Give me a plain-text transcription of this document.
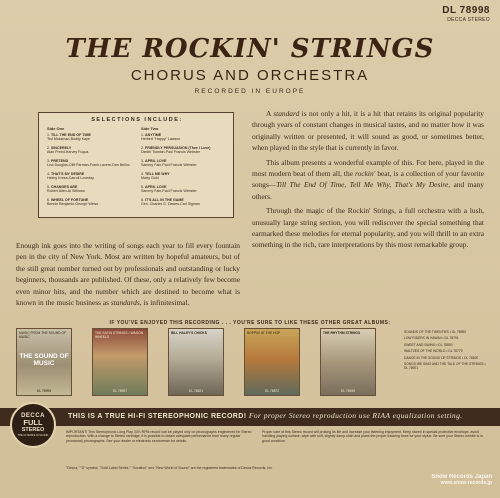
DL 78998
DECCA STEREO
THE ROCKIN' STRINGS
CHORUS AND ORCHESTRA
RECORDED IN EUROPE
SELECTIONS INCLUDE:
Side One	Side Two
1. TILL THE END OF TIME
Ted Mossman-Buddy Kaye
2. SINCERELY
Alan Freed-Harvey Fuqua
3. PRETEND
Lew Douglas-Cliff Parman-Frank Lavere-Dan Belloc
4. THAT'S MY DESIRE
Helmy Kresa-Carroll Loveday
5. CHANGES ARE
Robert Allen-Al Stillman
6. WHEEL OF FORTUNE
Bennie Benjamin-George Weiss
1. ANYTIME
Herbert "Happy" Lawson
2. FRIENDLY PERSUASION (Thee I Love)
Dimitri Tiomkin-Paul Francis Webster
3. APRIL LOVE
Sammy Fain-Paul Francis Webster
4. TELL ME WHY
Marty Gold
5. APRIL LOVE
Sammy Fain-Paul Francis Webster
6. IT'S ALL IN THE GAME
Gen. Charles G. Dawes-Carl Sigman

A standard is not only a hit, it is a hit that retains its original popularity through years of constant changes in musical tastes, and no matter how it was originally written or presented, it will sound as good, or sometimes better, when played in the style that is currently in favor.

This album presents a wonderful example of this. For here, played in the most modern beat of them all, the rockin' beat, is a collection of your favorite songs—Till The End Of Time, Tell Me Why, That's My Desire, and many others.

Through the magic of the Rockin' Strings, a full orchestra with a lush, unusually large string section, you will rediscover the special something that earmarked these melodies for eternal popularity, and you will thrill to an extra something in the rich, rare interpretations by this most remarkable group.

Enough ink goes into the writing of songs each year to fill every fountain pen in the city of New York. Most are written by hopeful amateurs, but of the still great number turned out by professionals and outstanding or lucky beginners, thousands are published. Of these, only a relatively few become even minor hits, and the number which are destined to become what is known in the music business as standards, is infinitesimal.

IF YOU'VE ENJOYED THIS RECORDING . . . YOU'RE SURE TO LIKE THESE OTHER GREAT ALBUMS:
MUSIC FROM THE SOUND OF MUSIC
THE SOUND OF MUSIC
DL 78995
THE SATIN STRINGS • WAGON WHEELS
DL 78907
BILL HALEY'S CHICKS
DL 78821
BOPPIN' AT THE HOP
DL 78872
THE RHYTHM STRINGS
DL 78945
SOUNDS OF THE TWENTIES • DL 78890
LOW RIDERS IN HAWAII • DL 78791
SWEET AND SWING • DL 78890
WALTZES OF THE WORLD • DL 78779
DANCE IN THE SOUND OF STRINGS • DL 78820
SONGS WE SING AND THE TALE OF THE STRINGS • DL 78921
THIS IS A TRUE HI-FI STEREOPHONIC RECORD! For proper Stereo reproduction use RIAA equalization setting.
DECCA
FULL
STEREO
THE ULTIMATE IN SOUND
IMPORTANT! This Stereophonic Long Play 33⅓ RPM record can be played only on phonographs engineered for Stereo reproduction. With a change to Stereo cartridge, it is possible to obtain adequate performance from many regular (monaural) phonographs. See your dealer or electronic serviceman for details.
Proper care of this Stereo record will prolong its life and increase your listening enjoyment. Keep stored in special protective envelope, avoid handling playing surface, wipe with soft, slightly damp cloth and place the proper tracking force for your stylus. Be sure your Stereo needle is in good condition.
"Decca," "D" symbol, "Gold Label Series," "Vocalion" and "New World of Sound" are the registered trademarks of Decca Records, Inc.
Snow Records Japan
www.snow-records.jp
